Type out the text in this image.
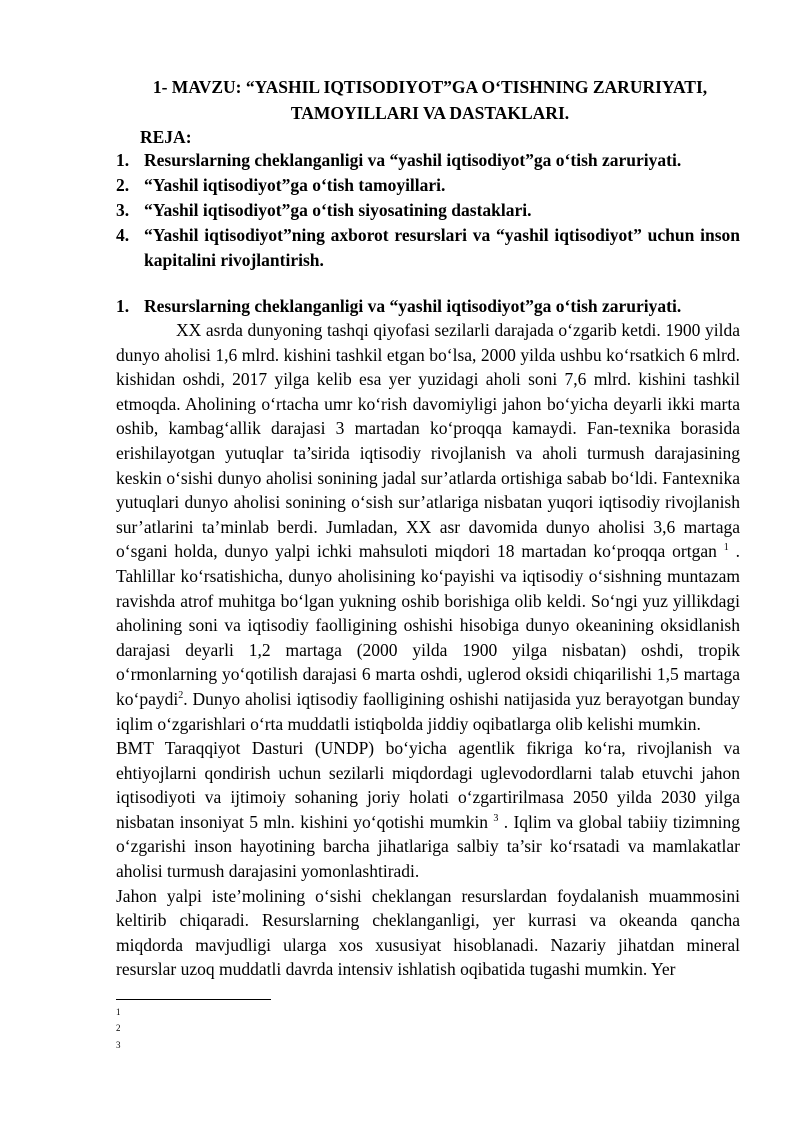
1- MAVZU: “YASHIL IQTISODIYOT”GA O‘TISHNING ZARURIYATI,
TAMOYILLARI VA DASTAKLARI.
REJA:
1. Resurslarning cheklanganligi va “yashil iqtisodiyot”ga o‘tish zaruriyati.
2. “Yashil iqtisodiyot”ga o‘tish tamoyillari.
3. “Yashil iqtisodiyot”ga o‘tish siyosatining dastaklari.
4. “Yashil iqtisodiyot”ning axborot resurslari va “yashil iqtisodiyot” uchun inson kapitalini rivojlantirish.
1. Resurslarning cheklanganligi va “yashil iqtisodiyot”ga o‘tish zaruriyati.

XX asrda dunyoning tashqi qiyofasi sezilarli darajada o‘zgarib ketdi. 1900 yilda dunyo aholisi 1,6 mlrd. kishini tashkil etgan bo‘lsa, 2000 yilda ushbu ko‘rsatkich 6 mlrd. kishidan oshdi, 2017 yilga kelib esa yer yuzidagi aholi soni 7,6 mlrd. kishini tashkil etmoqda. Aholining o‘rtacha umr ko‘rish davomiyligi jahon bo‘yicha deyarli ikki marta oshib, kambag‘allik darajasi 3 martadan ko‘proqqa kamaydi. Fan-texnika borasida erishilayotgan yutuqlar ta’sirida iqtisodiy rivojlanish va aholi turmush darajasining keskin o‘sishi dunyo aholisi sonining jadal sur’atlarda ortishiga sabab bo‘ldi. Fantexnika yutuqlari dunyo aholisi sonining o‘sish sur’atlariga nisbatan yuqori iqtisodiy rivojlanish sur’atlarini ta’minlab berdi. Jumladan, XX asr davomida dunyo aholisi 3,6 martaga o‘sgani holda, dunyo yalpi ichki mahsuloti miqdori 18 martadan ko‘proqqa ortgan $^1$ . Tahlillar ko‘rsatishicha, dunyo aholisining ko‘payishi va iqtisodiy o‘sishning muntazam ravishda atrof muhitga bo‘lgan yukning oshib borishiga olib keldi. So‘ngi yuz yillikdagi aholining soni va iqtisodiy faolligining oshishi hisobiga dunyo okeanining oksidlanish darajasi deyarli 1,2 martaga (2000 yilda 1900 yilga nisbatan) oshdi, tropik o‘rmonlarning yo‘qotilish darajasi 6 marta oshdi, uglerod oksidi chiqarilishi 1,5 martaga ko‘paydi$^2$. Dunyo aholisi iqtisodiy faolligining oshishi natijasida yuz berayotgan bunday iqlim o‘zgarishlari o‘rta muddatli istiqbolda jiddiy oqibatlarga olib kelishi mumkin.

BMT Taraqqiyot Dasturi (UNDP) bo‘yicha agentlik fikriga ko‘ra, rivojlanish va ehtiyojlarni qondirish uchun sezilarli miqdordagi uglevodordlarni talab etuvchi jahon iqtisodiyoti va ijtimoiy sohaning joriy holati o‘zgartirilmasa 2050 yilda 2030 yilga nisbatan insoniyat 5 mln. kishini yo‘qotishi mumkin $^3$ . Iqlim va global tabiiy tizimning o‘zgarishi inson hayotining barcha jihatlariga salbiy ta’sir ko‘rsatadi va mamlakatlar aholisi turmush darajasini yomonlashtiradi.

Jahon yalpi iste’molining o‘sishi cheklangan resurslardan foydalanish muammosini keltirib chiqaradi. Resurslarning cheklanganligi, yer kurrasi va okeanda qancha miqdorda mavjudligi ularga xos xususiyat hisoblanadi. Nazariy jihatdan mineral resurslar uzoq muddatli davrda intensiv ishlatish oqibatida tugashi mumkin. Yer

1
2
3
